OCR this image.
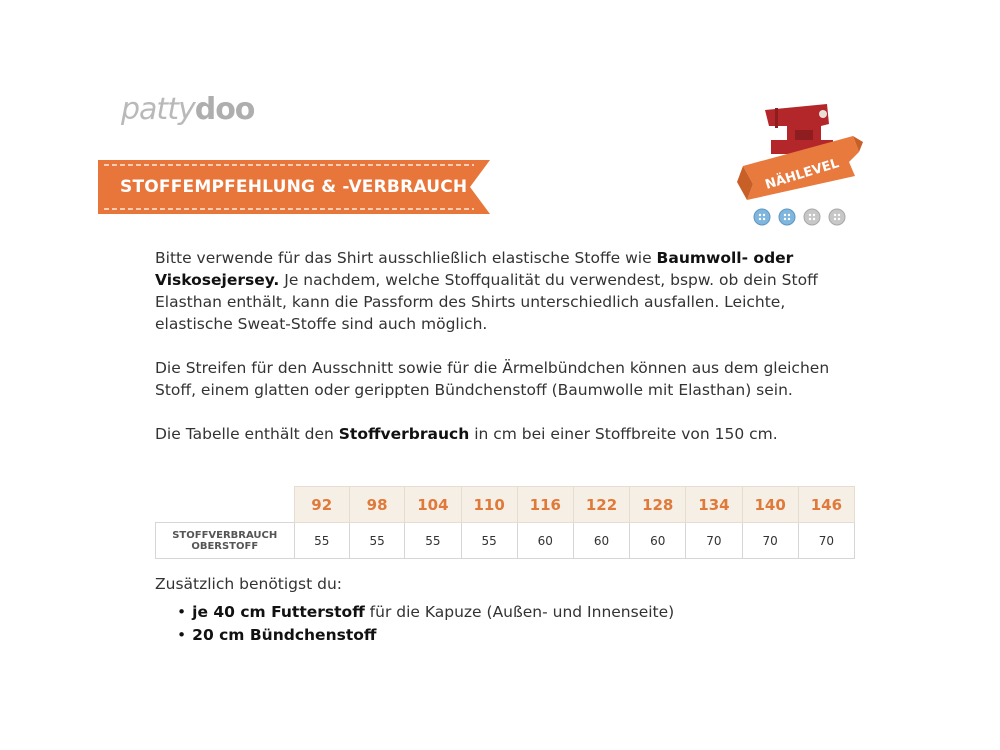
pattydoo
STOFFEMPFEHLUNG & -VERBRAUCH	NÄHLEVEL

Bitte verwende für das Shirt ausschließlich elastische Stoffe wie Baumwoll- oder Viskosejersey. Je nachdem, welche Stoffqualität du verwendest, bspw. ob dein Stoff Elasthan enthält, kann die Passform des Shirts unterschiedlich ausfallen. Leichte, elastische Sweat-Stoffe sind auch möglich.

Die Streifen für den Ausschnitt sowie für die Ärmelbündchen können aus dem gleichen Stoff, einem glatten oder gerippten Bündchenstoff (Baumwolle mit Elasthan) sein.

Die Tabelle enthält den Stoffverbrauch in cm bei einer Stoffbreite von 150 cm.

	92	98	104	110	116	122	128	134	140	146
STOFFVERBRAUCH
OBERSTOFF	55	55	55	55	60	60	60	70	70	70
Zusätzlich benötigst du:
• je 40 cm Futterstoff für die Kapuze (Außen- und Innenseite)
• 20 cm Bündchenstoff
